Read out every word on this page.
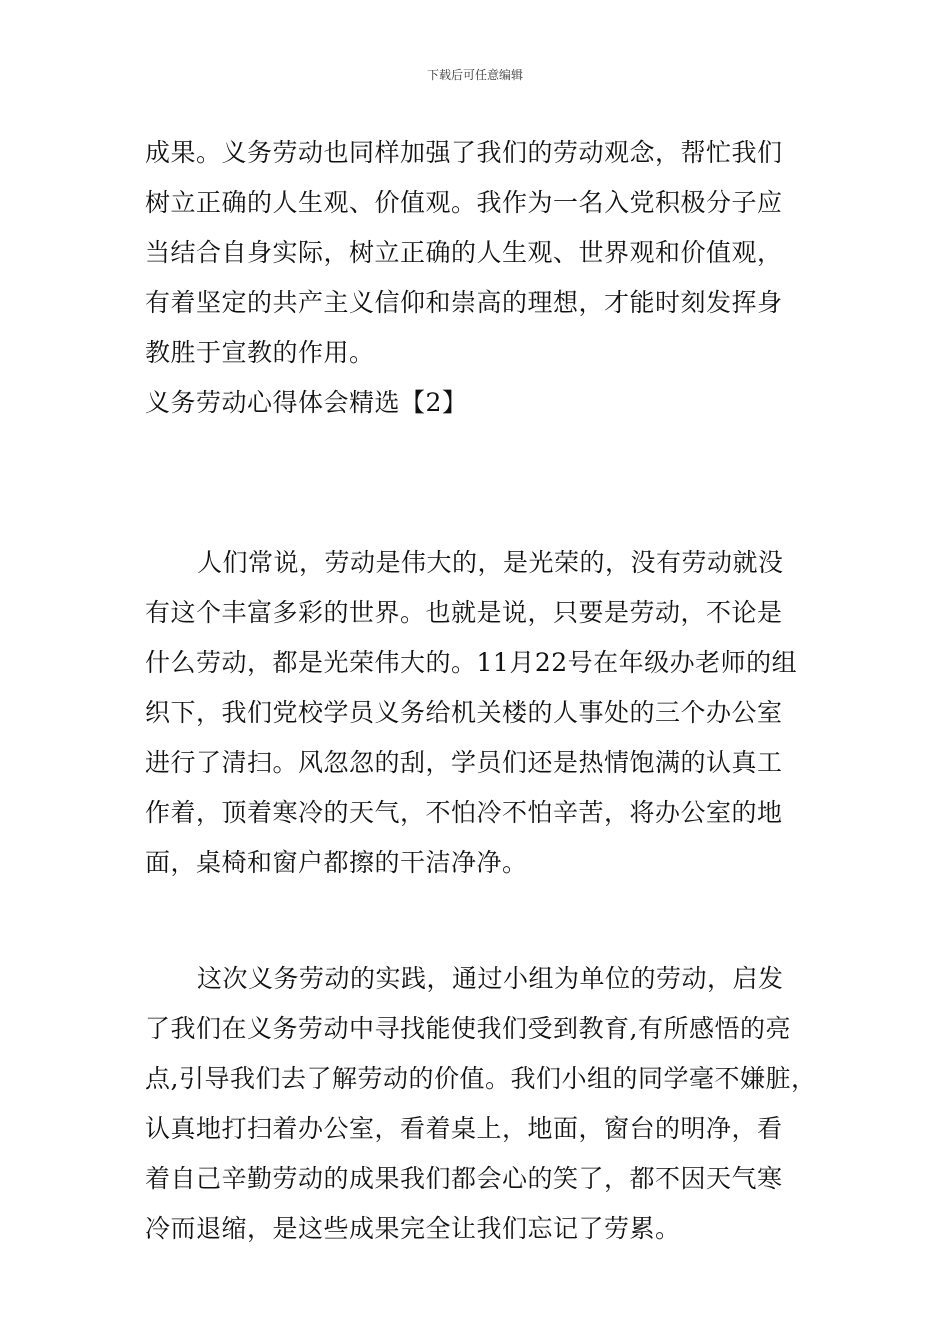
下载后可任意编辑
成果。义务劳动也同样加强了我们的劳动观念，帮忙我们
树立正确的人生观、价值观。我作为一名入党积极分子应
当结合自身实际，树立正确的人生观、世界观和价值观，
有着坚定的共产主义信仰和崇高的理想，才能时刻发挥身
教胜于宣教的作用。
义务劳动心得体会精选【2】
人们常说，劳动是伟大的，是光荣的，没有劳动就没
有这个丰富多彩的世界。也就是说，只要是劳动，不论是
什么劳动，都是光荣伟大的。11月22号在年级办老师的组
织下，我们党校学员义务给机关楼的人事处的三个办公室
进行了清扫。风忽忽的刮，学员们还是热情饱满的认真工
作着，顶着寒冷的天气，不怕冷不怕辛苦，将办公室的地
面，桌椅和窗户都擦的干洁净净。
这次义务劳动的实践，通过小组为单位的劳动，启发
了我们在义务劳动中寻找能使我们受到教育,有所感悟的亮
点,引导我们去了解劳动的价值。我们小组的同学毫不嫌脏，
认真地打扫着办公室，看着桌上，地面，窗台的明净，看
着自己辛勤劳动的成果我们都会心的笑了，都不因天气寒
冷而退缩，是这些成果完全让我们忘记了劳累。
